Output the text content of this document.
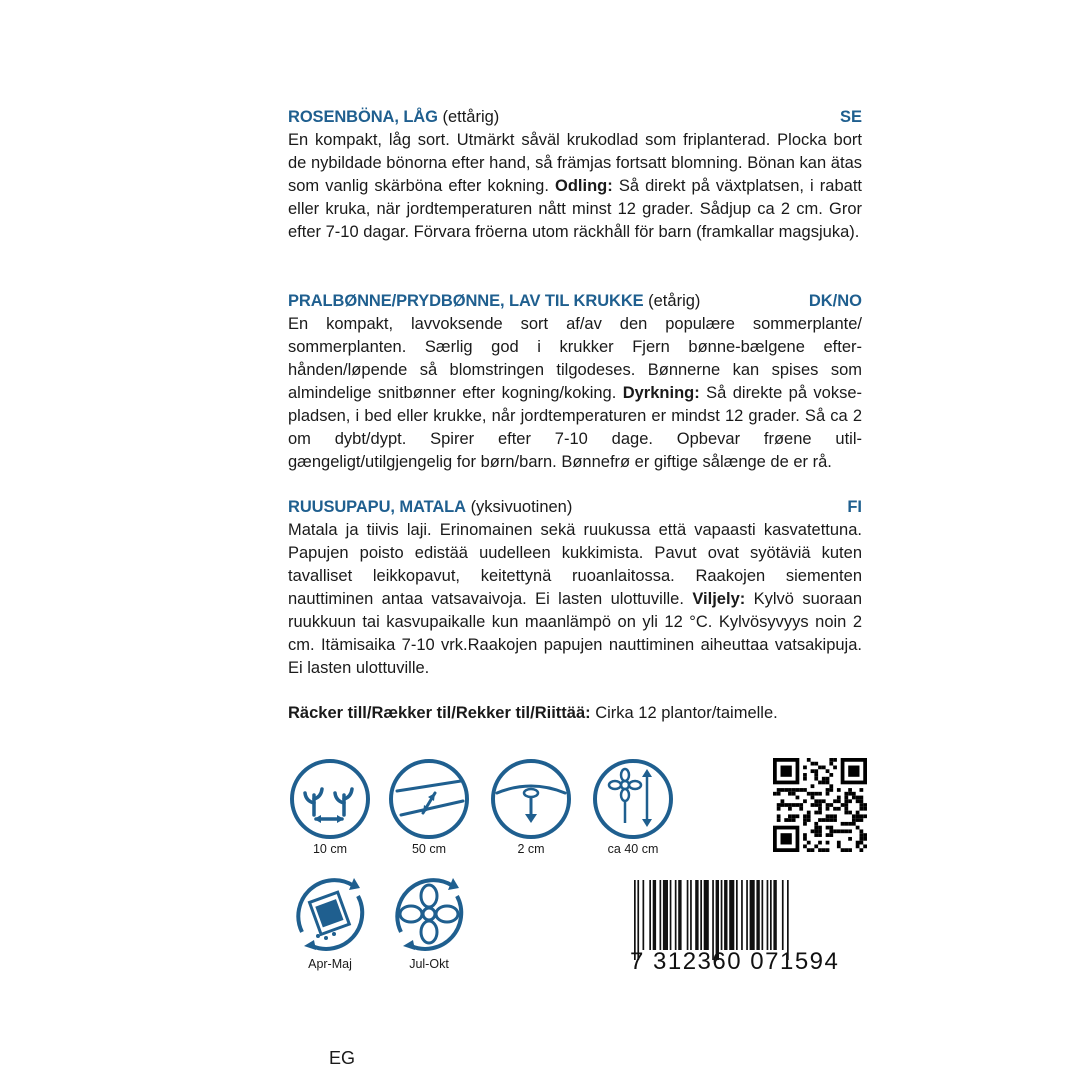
ROSENBÖNA, LÅG (ettårig)	SE
En kompakt, låg sort. Utmärkt såväl krukodlad som friplanterad. Plocka bort de nybildade bönorna efter hand, så främjas fortsatt blomning. Bönan kan ätas som vanlig skärböna efter kokning. Odling: Så direkt på växtplatsen, i rabatt eller kruka, när jordtemperaturen nått minst 12 grader. Sådjup ca 2 cm. Gror efter 7-10 dagar. Förvara fröerna utom räckhåll för barn (framkallar magsjuka).
PRALBØNNE/PRYDBØNNE, LAV TIL KRUKKE (etårig)	DK/NO
En kompakt, lavvoksende sort af/av den populære sommerplante/ sommerplanten. Særlig god i krukker Fjern bønne-bælgene efter-hånden/løpende så blomstringen tilgodeses. Bønnerne kan spises som almindelige snitbønner efter kogning/koking. Dyrkning: Så direkte på voksepladsen, i bed eller krukke, når jordtemperaturen er mindst 12 grader. Så ca 2 om dybt/dypt. Spirer efter 7-10 dage. Opbevar frøene util-gængeligt/utilgjengelig for børn/barn. Bønnefrø er giftige sålænge de er rå.
RUUSUPAPU, MATALA (yksivuotinen)	FI
Matala ja tiivis laji. Erinomainen sekä ruukussa että vapaasti kasvatettuna. Papujen poisto edistää uudelleen kukkimista. Pavut ovat syötäviä kuten tavalliset leikkopavut, keitettynä ruoanlaitossa. Raakojen siementen nauttiminen antaa vatsavaivoja. Ei lasten ulottuville. Viljely: Kylvö suoraan ruukkuun tai kasvupaikalle kun maanlämpö on yli 12 °C. Kylvösyvyys noin 2 cm. Itämisaika 7-10 vrk.Raakojen papujen nauttiminen aiheuttaa vatsakipuja. Ei lasten ulottuville.
Räcker till/Rækker til/Rekker til/Riittää: Cirka 12 plantor/taimelle.
10 cm	50 cm	2 cm	ca 40 cm
Apr-Maj	Jul-Okt	7 312360 071594
EG
